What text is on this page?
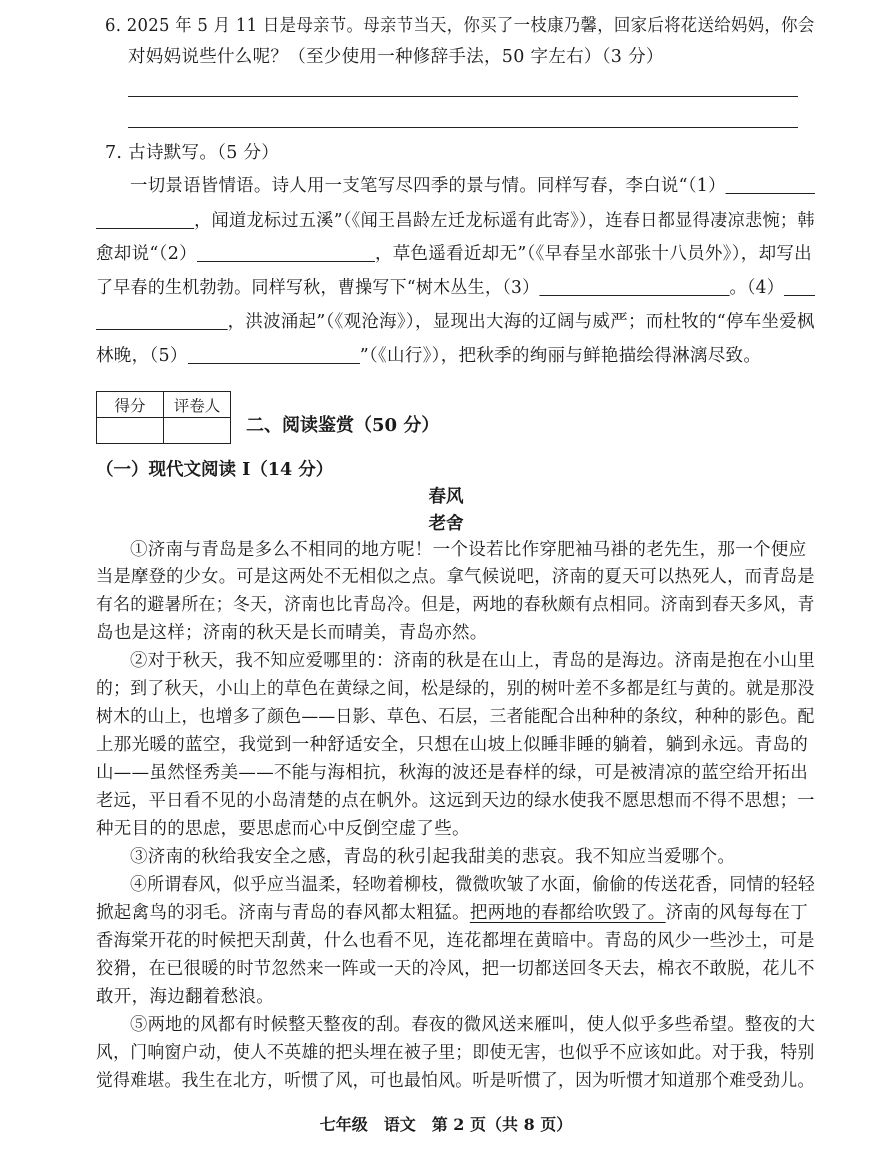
6. 2025 年 5 月 11 日是母亲节。母亲节当天，你买了一枝康乃馨，回家后将花送给妈妈，你会
对妈妈说些什么呢？（至少使用一种修辞手法，50 字左右）（3 分）
7. 古诗默写。（5 分）
一切景语皆情语。诗人用一支笔写尽四季的景与情。同样写春，李白说“（1）
，闻道龙标过五溪”（《闻王昌龄左迁龙标遥有此寄》），连春日都显得凄凉悲惋；韩
愈却说“（2）	，草色遥看近却无”（《早春呈水部张十八员外》），却写出
了早春的生机勃勃。同样写秋，曹操写下“树木丛生，（3）	。（4）
，洪波涌起”（《观沧海》），显现出大海的辽阔与威严；而杜牧的“停车坐爱枫
林晚，（5）	”（《山行》），把秋季的绚丽与鲜艳描绘得淋漓尽致。
得分	评卷人

二、阅读鉴赏（50 分）
（一）现代文阅读 Ⅰ（14 分）
春风
老舍
①济南与青岛是多么不相同的地方呢！一个设若比作穿肥袖马褂的老先生，那一个便应
当是摩登的少女。可是这两处不无相似之点。拿气候说吧，济南的夏天可以热死人，而青岛是
有名的避暑所在；冬天，济南也比青岛冷。但是，两地的春秋颇有点相同。济南到春天多风，青
岛也是这样；济南的秋天是长而晴美，青岛亦然。
②对于秋天，我不知应爱哪里的：济南的秋是在山上，青岛的是海边。济南是抱在小山里
的；到了秋天，小山上的草色在黄绿之间，松是绿的，别的树叶差不多都是红与黄的。就是那没
树木的山上，也增多了颜色——日影、草色、石层，三者能配合出种种的条纹，种种的影色。配
上那光暖的蓝空，我觉到一种舒适安全，只想在山坡上似睡非睡的躺着，躺到永远。青岛的
山——虽然怪秀美——不能与海相抗，秋海的波还是春样的绿，可是被清凉的蓝空给开拓出
老远，平日看不见的小岛清楚的点在帆外。这远到天边的绿水使我不愿思想而不得不思想；一
种无目的的思虑，要思虑而心中反倒空虚了些。
③济南的秋给我安全之感，青岛的秋引起我甜美的悲哀。我不知应当爱哪个。
④所谓春风，似乎应当温柔，轻吻着柳枝，微微吹皱了水面，偷偷的传送花香，同情的轻轻
掀起禽鸟的羽毛。济南与青岛的春风都太粗猛。把两地的春都给吹毁了。济南的风每每在丁
香海棠开花的时候把天刮黄，什么也看不见，连花都埋在黄暗中。青岛的风少一些沙土，可是
狡猾，在已很暖的时节忽然来一阵或一天的冷风，把一切都送回冬天去，棉衣不敢脱，花儿不
敢开，海边翻着愁浪。
⑤两地的风都有时候整天整夜的刮。春夜的微风送来雁叫，使人似乎多些希望。整夜的大
风，门响窗户动，使人不英雄的把头埋在被子里；即使无害，也似乎不应该如此。对于我，特别
觉得难堪。我生在北方，听惯了风，可也最怕风。听是听惯了，因为听惯才知道那个难受劲儿。
七年级　语文　第 2 页（共 8 页）
